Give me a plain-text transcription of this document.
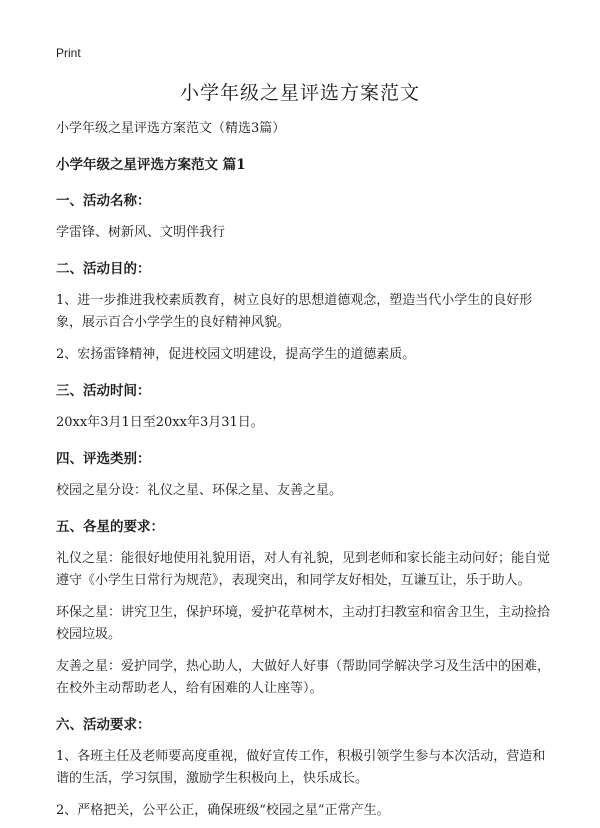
Print
小学年级之星评选方案范文

小学年级之星评选方案范文（精选3篇）

小学年级之星评选方案范文 篇1

一、活动名称：

学雷锋、树新风、文明伴我行

二、活动目的：

1、进一步推进我校素质教育，树立良好的思想道德观念，塑造当代小学生的良好形象，展示百合小学学生的良好精神风貌。

2、宏扬雷锋精神，促进校园文明建设，提高学生的道德素质。

三、活动时间：

20xx年3月1日至20xx年3月31日。

四、评选类别：

校园之星分设：礼仪之星、环保之星、友善之星。

五、各星的要求：

礼仪之星：能很好地使用礼貌用语，对人有礼貌，见到老师和家长能主动问好；能自觉遵守《小学生日常行为规范》，表现突出，和同学友好相处，互谦互让，乐于助人。

环保之星：讲究卫生，保护环境，爱护花草树木，主动打扫教室和宿舍卫生，主动捡拾校园垃圾。

友善之星：爱护同学，热心助人，大做好人好事（帮助同学解决学习及生活中的困难，在校外主动帮助老人，给有困难的人让座等）。

六、活动要求：

1、各班主任及老师要高度重视，做好宣传工作，积极引领学生参与本次活动，营造和谐的生活，学习氛围，激励学生积极向上，快乐成长。

2、严格把关，公平公正，确保班级“校园之星”正常产生。
